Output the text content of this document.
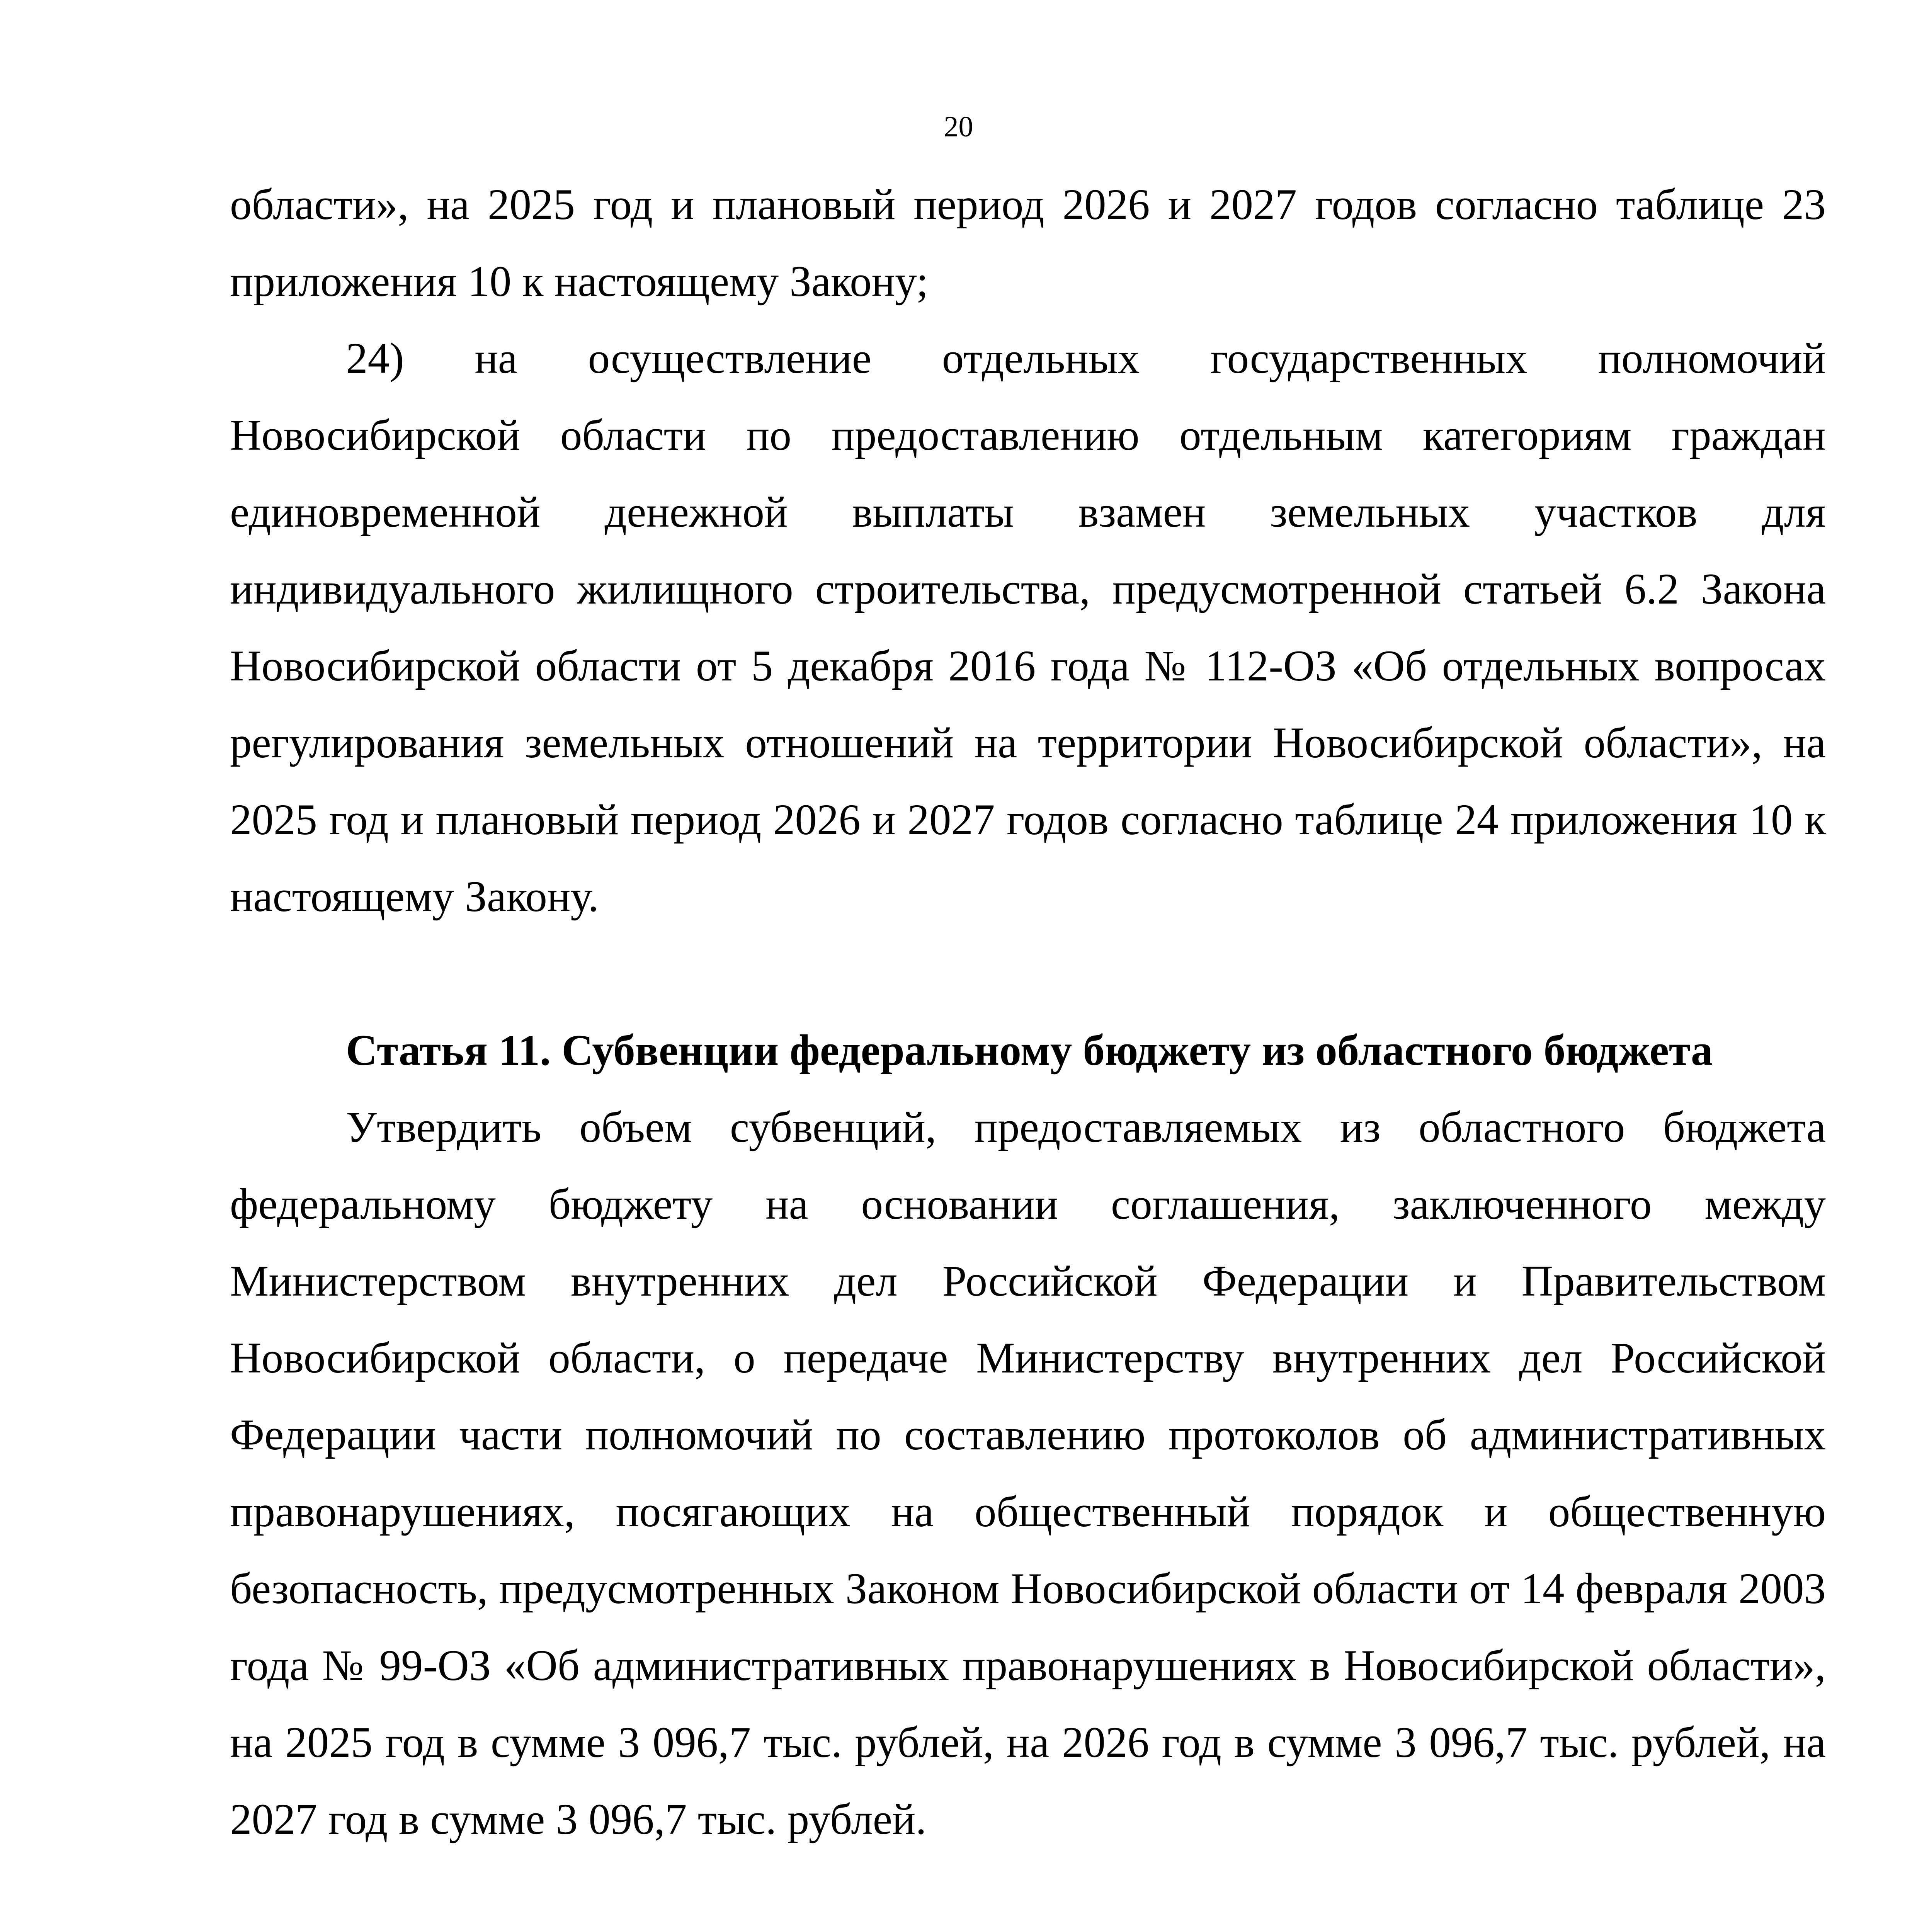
20

области», на 2025 год и плановый период 2026 и 2027 годов согласно таблице 23 приложения 10 к настоящему Закону;

24) на осуществление отдельных государственных полномочий Новосибирской области по предоставлению отдельным категориям граждан единовременной денежной выплаты взамен земельных участков для индивидуального жилищного строительства, предусмотренной статьей 6.2 Закона Новосибирской области от 5 декабря 2016 года № 112-ОЗ «Об отдельных вопросах регулирования земельных отношений на территории Новосибирской области», на 2025 год и плановый период 2026 и 2027 годов согласно таблице 24 приложения 10 к настоящему Закону.

Статья 11. Субвенции федеральному бюджету из областного бюджета

Утвердить объем субвенций, предоставляемых из областного бюджета федеральному бюджету на основании соглашения, заключенного между Министерством внутренних дел Российской Федерации и Правительством Новосибирской области, о передаче Министерству внутренних дел Российской Федерации части полномочий по составлению протоколов об административных правонарушениях, посягающих на общественный порядок и общественную безопасность, предусмотренных Законом Новосибирской области от 14 февраля 2003 года № 99-ОЗ «Об административных правонарушениях в Новосибирской области», на 2025 год в сумме 3 096,7 тыс. рублей, на 2026 год в сумме 3 096,7 тыс. рублей, на 2027 год в сумме 3 096,7 тыс. рублей.
